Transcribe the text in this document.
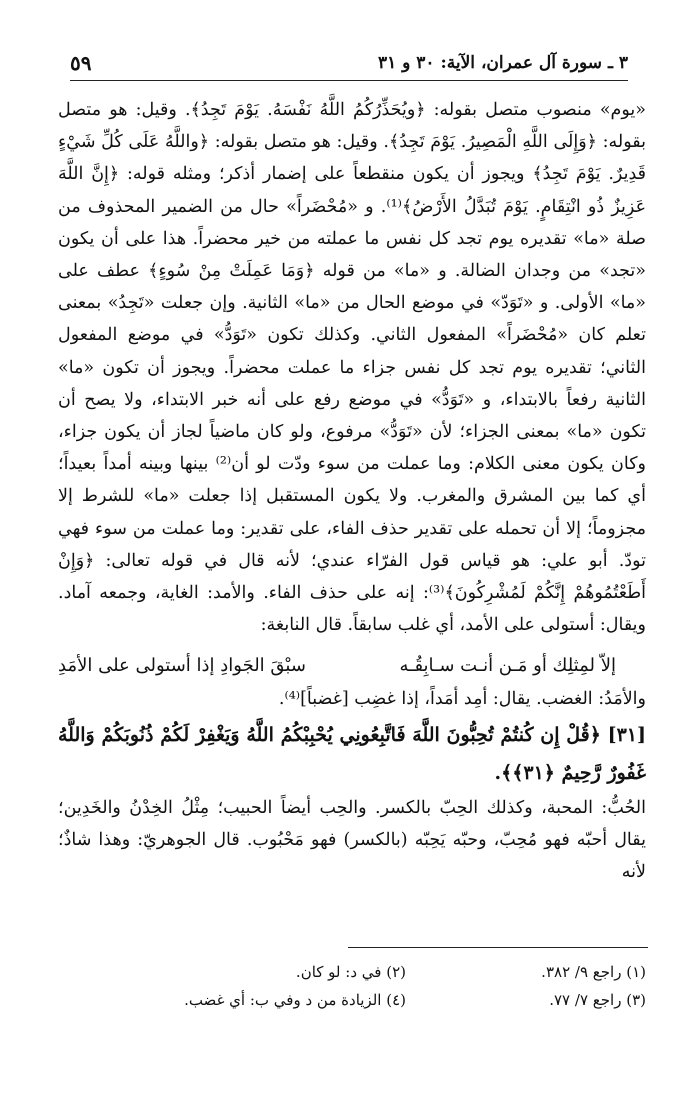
٣ ـ سورة آل عمران، الآية: ٣٠ و ٣١
٥٩

«يوم» منصوب متصل بقوله: ﴿ويُحَذِّرُكُمُ اللَّهُ نَفْسَهُ. يَوْمَ تَجِدُ﴾. وقيل: هو متصل بقوله: ﴿وَإِلَى اللَّهِ الْمَصِيرُ. يَوْمَ تَجِدُ﴾. وقيل: هو متصل بقوله: ﴿واللَّهُ عَلَى كُلِّ شَيْءٍ قَدِيرٌ. يَوْمَ تَجِدُ﴾ ويجوز أن يكون منقطعاً على إضمار أذكر؛ ومثله قوله: ﴿إِنَّ اللَّهَ عَزِيزٌ ذُو انْتِقَامٍ. يَوْمَ تُبَدَّلُ الأَرْضُ﴾⁽¹⁾. و «مُحْضَراً» حال من الضمير المحذوف من صلة «ما» تقديره يوم تجد كل نفس ما عملته من خير محضراً. هذا على أن يكون «تجد» من وجدان الضالة. و «ما» من قوله ﴿وَمَا عَمِلَتْ مِنْ سُوءٍ﴾ عطف على «ما» الأولى. و «تَوَدّ» في موضع الحال من «ما» الثانية. وإن جعلت «تَجِدُ» بمعنى تعلم كان «مُحْضَراً» المفعول الثاني. وكذلك تكون «تَوَدُّ» في موضع المفعول الثاني؛ تقديره يوم تجد كل نفس جزاء ما عملت محضراً. ويجوز أن تكون «ما» الثانية رفعاً بالابتداء، و «تَوَدُّ» في موضع رفع على أنه خبر الابتداء، ولا يصح أن تكون «ما» بمعنى الجزاء؛ لأن «تَوَدُّ» مرفوع، ولو كان ماضياً لجاز أن يكون جزاء، وكان يكون معنى الكلام: وما عملت من سوء ودّت لو أن⁽²⁾ بينها وبينه أمداً بعيداً؛ أي كما بين المشرق والمغرب. ولا يكون المستقبل إذا جعلت «ما» للشرط إلا مجزوماً؛ إلا أن تحمله على تقدير حذف الفاء، على تقدير: وما عملت من سوء فهي تودّ. أبو علي: هو قياس قول الفرّاء عندي؛ لأنه قال في قوله تعالى: ﴿وَإِنْ أَطَعْتُمُوهُمْ إِنَّكُمْ لَمُشْرِكُونَ﴾⁽³⁾: إنه على حذف الفاء. والأمد: الغاية، وجمعه آماد. ويقال: أستولى على الأمد، أي غلب سابقاً. قال النابغة:

إلاّ لمِثلِك أو مَـن أنـت سـابِقُـه
سبْقَ الجَوادِ إذا أستولى على الأمَدِ

والأمَدُ: الغضب. يقال: أمِد أمَداً، إذا غضِب [غضباً]⁽⁴⁾.

[٣١] ﴿قُلْ إِن كُنتُمْ تُحِبُّونَ اللَّهَ فَاتَّبِعُونِي يُحْبِبْكُمُ اللَّهُ وَيَغْفِرْ لَكُمْ ذُنُوبَكُمْ وَاللَّهُ غَفُورٌ رَّحِيمٌ ﴿٣١﴾﴾.

الحُبُّ: المحبة، وكذلك الحِبّ بالكسر. والحِب أيضاً الحبيب؛ مِثْلُ الخِدْنُ والخَدِين؛ يقال أحبّه فهو مُحِبّ، وحبّه يَحِبّه (بالكسر) فهو مَحْبُوب. قال الجوهريّ: وهذا شاذٌ؛ لأنه

(١) راجع ٩/ ٣٨٢.
(٢) في د: لو كان.
(٣) راجع ٧/ ٧٧.
(٤) الزيادة من د وفي ب: أي غضب.
